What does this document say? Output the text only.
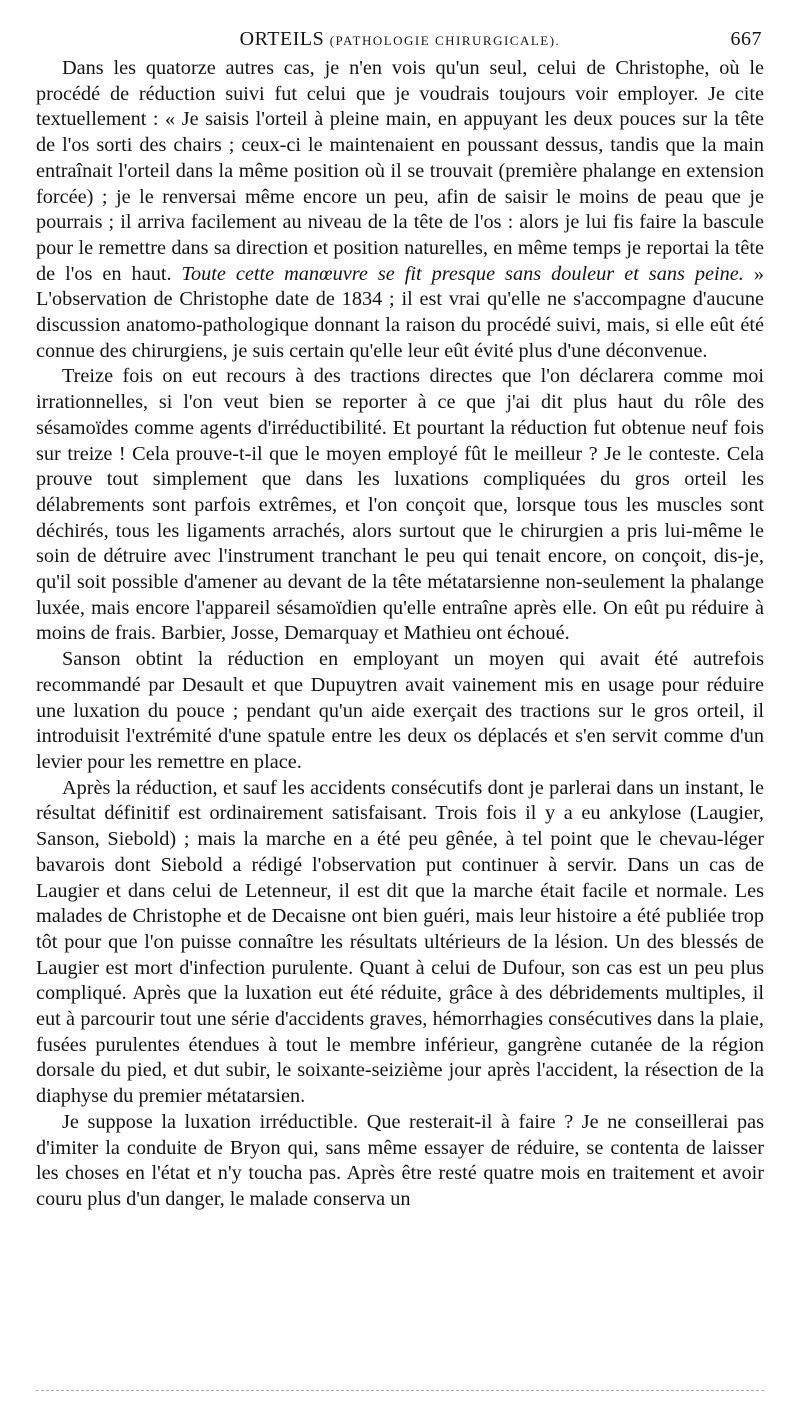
ORTEILS (PATHOLOGIE CHIRURGICALE).	667

Dans les quatorze autres cas, je n'en vois qu'un seul, celui de Christophe, où le procédé de réduction suivi fut celui que je voudrais toujours voir employer. Je cite textuellement : « Je saisis l'orteil à pleine main, en appuyant les deux pouces sur la tête de l'os sorti des chairs ; ceux-ci le maintenaient en poussant dessus, tandis que la main entraînait l'orteil dans la même position où il se trouvait (première phalange en extension forcée) ; je le renversai même encore un peu, afin de saisir le moins de peau que je pourrais ; il arriva facilement au niveau de la tête de l'os : alors je lui fis faire la bascule pour le remettre dans sa direction et position naturelles, en même temps je reportai la tête de l'os en haut. Toute cette manœuvre se fit presque sans douleur et sans peine. » L'observation de Christophe date de 1834 ; il est vrai qu'elle ne s'accompagne d'aucune discussion anatomo-pathologique donnant la raison du procédé suivi, mais, si elle eût été connue des chirurgiens, je suis certain qu'elle leur eût évité plus d'une déconvenue.

Treize fois on eut recours à des tractions directes que l'on déclarera comme moi irrationnelles, si l'on veut bien se reporter à ce que j'ai dit plus haut du rôle des sésamoïdes comme agents d'irréductibilité. Et pourtant la réduction fut obtenue neuf fois sur treize ! Cela prouve-t-il que le moyen employé fût le meilleur ? Je le conteste. Cela prouve tout simplement que dans les luxations compliquées du gros orteil les délabrements sont parfois extrêmes, et l'on conçoit que, lorsque tous les muscles sont déchirés, tous les ligaments arrachés, alors surtout que le chirurgien a pris lui-même le soin de détruire avec l'instrument tranchant le peu qui tenait encore, on conçoit, dis-je, qu'il soit possible d'amener au devant de la tête métatarsienne non-seulement la phalange luxée, mais encore l'appareil sésamoïdien qu'elle entraîne après elle. On eût pu réduire à moins de frais. Barbier, Josse, Demarquay et Mathieu ont échoué.

Sanson obtint la réduction en employant un moyen qui avait été autrefois recommandé par Desault et que Dupuytren avait vainement mis en usage pour réduire une luxation du pouce ; pendant qu'un aide exerçait des tractions sur le gros orteil, il introduisit l'extrémité d'une spatule entre les deux os déplacés et s'en servit comme d'un levier pour les remettre en place.

Après la réduction, et sauf les accidents consécutifs dont je parlerai dans un instant, le résultat définitif est ordinairement satisfaisant. Trois fois il y a eu ankylose (Laugier, Sanson, Siebold) ; mais la marche en a été peu gênée, à tel point que le chevau-léger bavarois dont Siebold a rédigé l'observation put continuer à servir. Dans un cas de Laugier et dans celui de Letenneur, il est dit que la marche était facile et normale. Les malades de Christophe et de Decaisne ont bien guéri, mais leur histoire a été publiée trop tôt pour que l'on puisse connaître les résultats ultérieurs de la lésion. Un des blessés de Laugier est mort d'infection purulente. Quant à celui de Dufour, son cas est un peu plus compliqué. Après que la luxation eut été réduite, grâce à des débridements multiples, il eut à parcourir tout une série d'accidents graves, hémorrhagies consécutives dans la plaie, fusées purulentes étendues à tout le membre inférieur, gangrène cutanée de la région dorsale du pied, et dut subir, le soixante-seizième jour après l'accident, la résection de la diaphyse du premier métatarsien.

Je suppose la luxation irréductible. Que resterait-il à faire ? Je ne conseillerai pas d'imiter la conduite de Bryon qui, sans même essayer de réduire, se contenta de laisser les choses en l'état et n'y toucha pas. Après être resté quatre mois en traitement et avoir couru plus d'un danger, le malade conserva un
